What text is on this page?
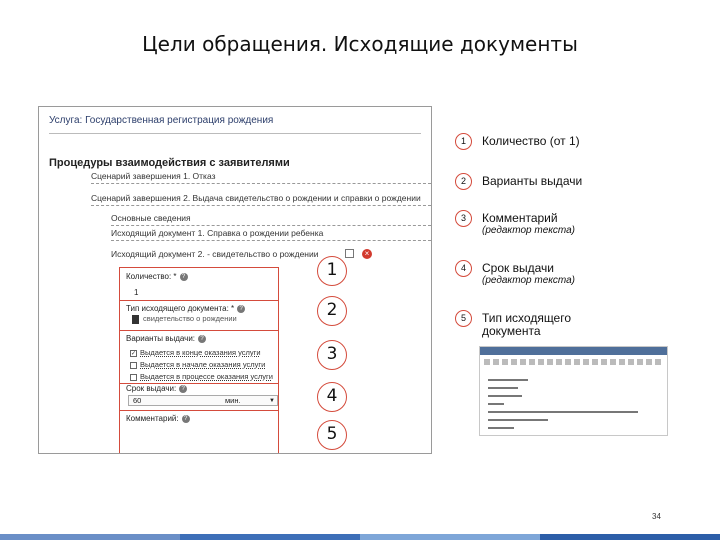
Цели обращения. Исходящие документы
Услуга: Государственная регистрация рождения
Процедуры взаимодействия с заявителями
Сценарий завершения 1. Отказ
Сценарий завершения 2. Выдача свидетельство о рождении и справки о рождении
Основные сведения
Исходящий документ 1. Справка о рождении ребенка
Исходящий документ 2. - свидетельство о рождении	×
Количество: * ?
1
Тип исходящего документа: * ?
свидетельство о рождении
Варианты выдачи: ?
✓ Выдается в конце оказания услуги
Выдается в начале оказания услуги
Выдается в процессе оказания услуги
Срок выдачи: ?
60	мин.	▼
Комментарий: ?
1
2
3
4
5
1	Количество (от 1)
2	Варианты выдачи
3	Комментарий
(редактор текста)
4	Срок выдачи
(редактор текста)
5	Тип исходящего
документа
34
